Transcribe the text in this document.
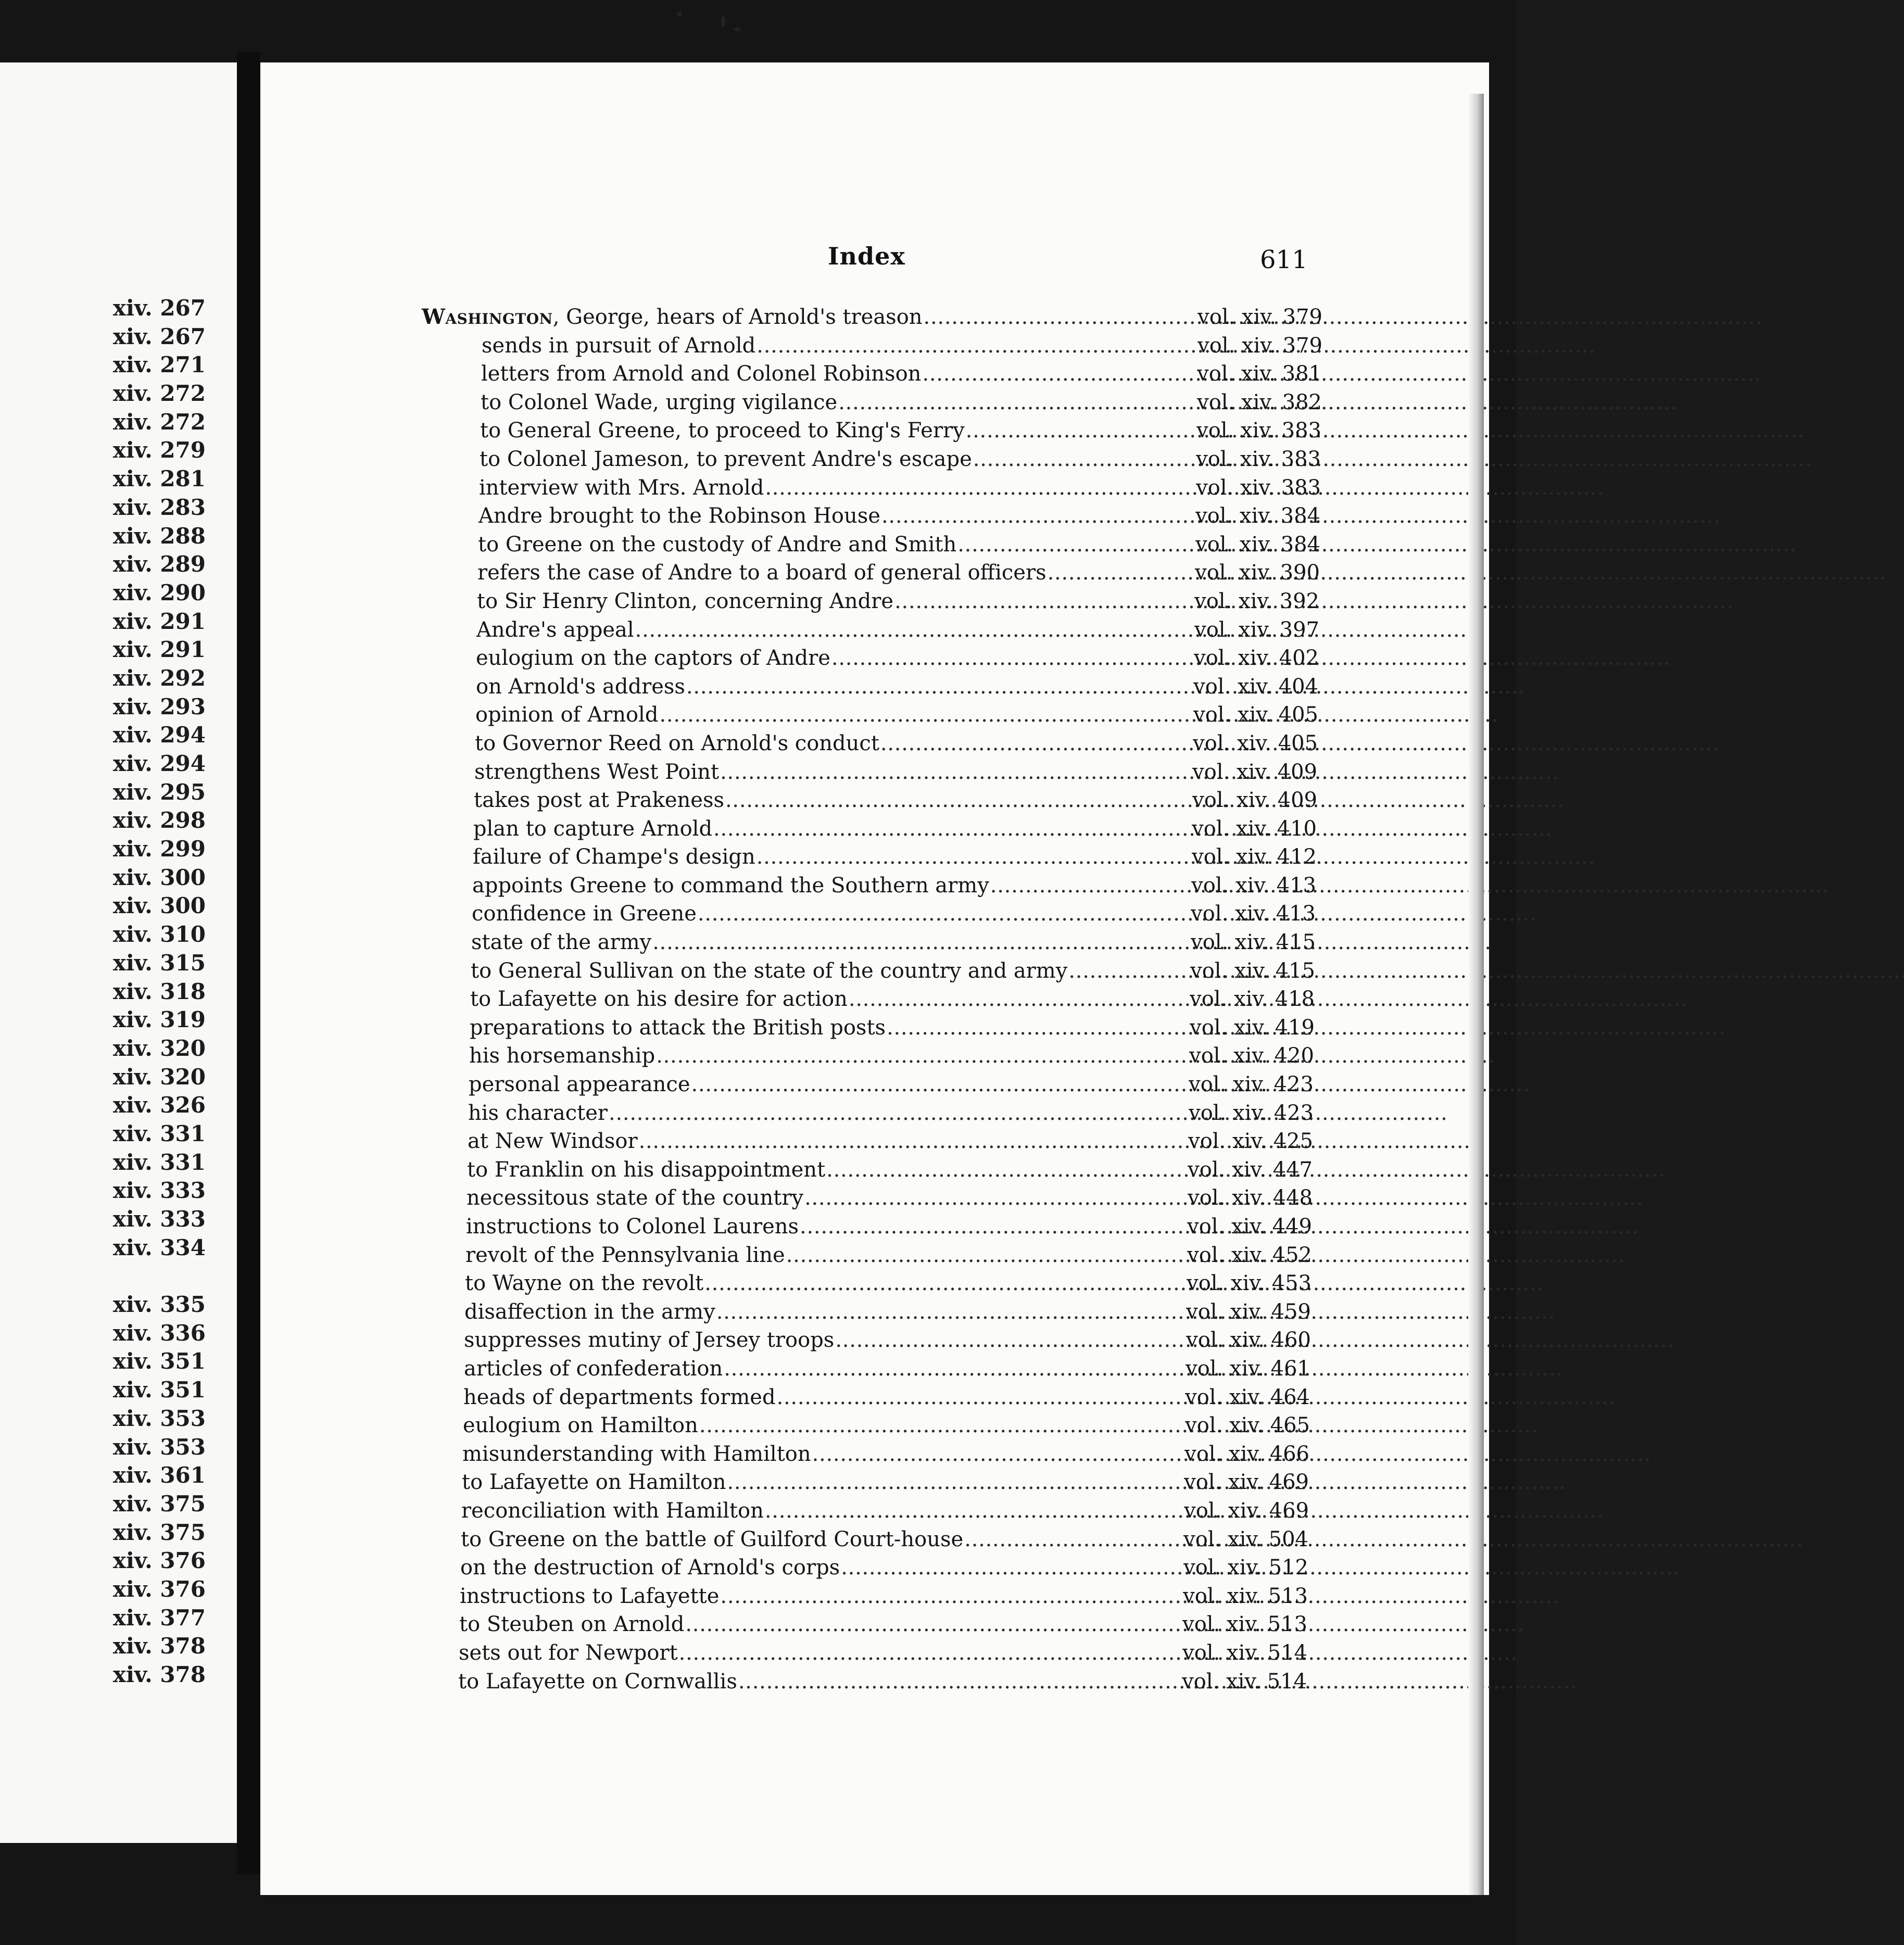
xiv. 267
xiv. 267
xiv. 271
xiv. 272
xiv. 272
xiv. 279
xiv. 281
xiv. 283
xiv. 288
xiv. 289
xiv. 290
xiv. 291
xiv. 291
xiv. 292
xiv. 293
xiv. 294
xiv. 294
xiv. 295
xiv. 298
xiv. 299
xiv. 300
xiv. 300
xiv. 310
xiv. 315
xiv. 318
xiv. 319
xiv. 320
xiv. 320
xiv. 326
xiv. 331
xiv. 331
xiv. 333
xiv. 333
xiv. 334
xiv. 335
xiv. 336
xiv. 351
xiv. 351
xiv. 353
xiv. 353
xiv. 361
xiv. 375
xiv. 375
xiv. 376
xiv. 376
xiv. 377
xiv. 378
xiv. 378
Index	611
Washington, George, hears of Arnold's treason . . .	vol. xiv. 379
sends in pursuit of Arnold . . .	vol. xiv. 379
letters from Arnold and Colonel Robinson . . .	vol. xiv. 381
to Colonel Wade, urging vigilance . . .	vol. xiv. 382
to General Greene, to proceed to King's Ferry . . .	vol. xiv. 383
to Colonel Jameson, to prevent Andre's escape . . .	vol. xiv. 383
interview with Mrs. Arnold . . .	vol. xiv. 383
Andre brought to the Robinson House . . .	vol. xiv. 384
to Greene on the custody of Andre and Smith . . .	vol. xiv. 384
refers the case of Andre to a board of general officers . . .	vol. xiv. 390
to Sir Henry Clinton, concerning Andre . . .	vol. xiv. 392
Andre's appeal . . .	vol. xiv. 397
eulogium on the captors of Andre . . .	vol. xiv. 402
on Arnold's address . . .	vol. xiv. 404
opinion of Arnold . . .	vol. xiv. 405
to Governor Reed on Arnold's conduct . . .	vol. xiv. 405
strengthens West Point . . .	vol. xiv. 409
takes post at Prakeness . . .	vol. xiv. 409
plan to capture Arnold . . .	vol. xiv. 410
failure of Champe's design . . .	vol. xiv. 412
appoints Greene to command the Southern army . . .	vol. xiv. 413
confidence in Greene . . .	vol. xiv. 413
state of the army . . .	vol. xiv. 415
to General Sullivan on the state of the country and army . . .	vol. xiv. 415
to Lafayette on his desire for action . . .	vol. xiv. 418
preparations to attack the British posts . . .	vol. xiv. 419
his horsemanship . . .	vol. xiv. 420
personal appearance . . .	vol. xiv. 423
his character . . .	vol. xiv. 423
at New Windsor . . .	vol. xiv. 425
to Franklin on his disappointment . . .	vol. xiv. 447
necessitous state of the country . . .	vol. xiv. 448
instructions to Colonel Laurens . . .	vol. xiv. 449
revolt of the Pennsylvania line . . .	vol. xiv. 452
to Wayne on the revolt . . .	vol. xiv. 453
disaffection in the army . . .	vol. xiv. 459
suppresses mutiny of Jersey troops . . .	vol. xiv. 460
articles of confederation . . .	vol. xiv. 461
heads of departments formed . . .	vol. xiv. 464
eulogium on Hamilton . . .	vol. xiv. 465
misunderstanding with Hamilton . . .	vol. xiv. 466
to Lafayette on Hamilton . . .	vol. xiv. 469
reconciliation with Hamilton . . .	vol. xiv. 469
to Greene on the battle of Guilford Court-house . . .	vol. xiv. 504
on the destruction of Arnold's corps . . .	vol. xiv. 512
instructions to Lafayette . . .	vol. xiv. 513
to Steuben on Arnold . . .	vol. xiv. 513
sets out for Newport . . .	vol. xiv. 514
to Lafayette on Cornwallis . . .	vol. xiv. 514
